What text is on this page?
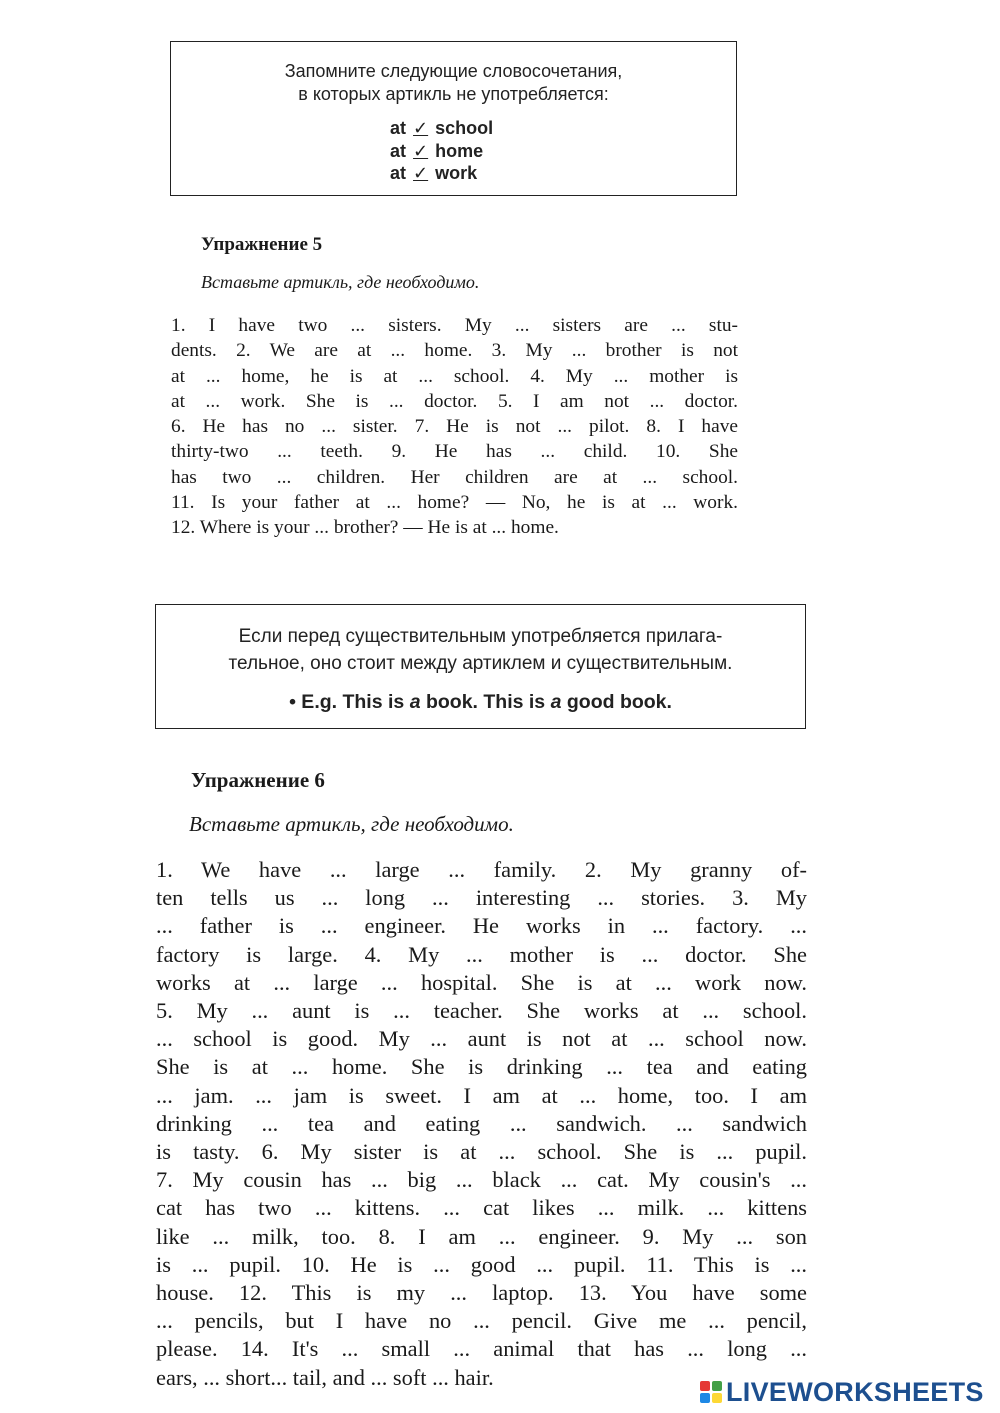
Запомните следующие словосочетания,
в которых артикль не употребляется:
at ✓ school
at ✓ home
at ✓ work
Упражнение 5
Вставьте артикль, где необходимо.
1. I have two ... sisters. My ... sisters are ... stu-
dents. 2. We are at ... home. 3. My ... brother is not
at ... home, he is at ... school. 4. My ... mother is
at ... work. She is ... doctor. 5. I am not ... doctor.
6. He has no ... sister. 7. He is not ... pilot. 8. I have
thirty-two ... teeth. 9. He has ... child. 10. She
has two ... children. Her children are at ... school.
11. Is your father at ... home? — No, he is at ... work.
12. Where is your ... brother? — He is at ... home.
Если перед существительным употребляется прилага-
тельное, оно стоит между артиклем и существительным.
• E.g. This is a book. This is a good book.
Упражнение 6
Вставьте артикль, где необходимо.
1. We have ... large ... family. 2. My granny of-
ten tells us ... long ... interesting ... stories. 3. My
... father is ... engineer. He works in ... factory. ...
factory is large. 4. My ... mother is ... doctor. She
works at ... large ... hospital. She is at ... work now.
5. My ... aunt is ... teacher. She works at ... school.
... school is good. My ... aunt is not at ... school now.
She is at ... home. She is drinking ... tea and eating
... jam. ... jam is sweet. I am at ... home, too. I am
drinking ... tea and eating ... sandwich. ... sandwich
is tasty. 6. My sister is at ... school. She is ... pupil.
7. My cousin has ... big ... black ... cat. My cousin's ...
cat has two ... kittens. ... cat likes ... milk. ... kittens
like ... milk, too. 8. I am ... engineer. 9. My ... son
is ... pupil. 10. He is ... good ... pupil. 11. This is ...
house. 12. This is my ... laptop. 13. You have some
... pencils, but I have no ... pencil. Give me ... pencil,
please. 14. It's ... small ... animal that has ... long ...
ears, ... short... tail, and ... soft ... hair.	LIVEWORKSHEETS
